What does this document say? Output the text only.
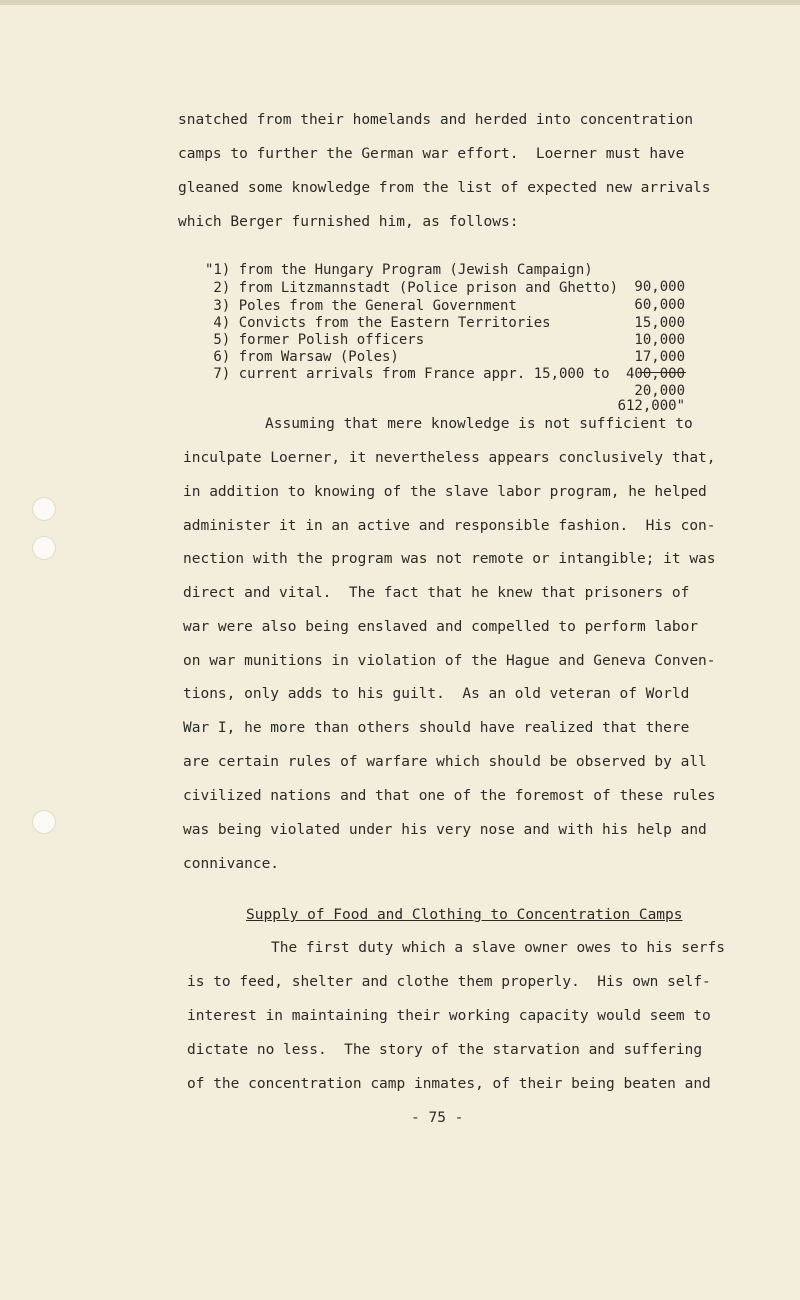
snatched from their homelands and herded into concentration
camps to further the German war effort.  Loerner must have
gleaned some knowledge from the list of expected new arrivals
which Berger furnished him, as follows:

"1) from the Hungary Program (Jewish Campaign)

90,000

2) from Litzmannstadt (Police prison and Ghetto)

60,000

3) Poles from the General Government

15,000

4) Convicts from the Eastern Territories

10,000

5) former Polish officers

17,000

6) from Warsaw (Poles)

400,000

7) current arrivals from France appr. 15,000 to

20,000

612,000"

Assuming that mere knowledge is not sufficient to
inculpate Loerner, it nevertheless appears conclusively that,
in addition to knowing of the slave labor program, he helped
administer it in an active and responsible fashion.  His con-
nection with the program was not remote or intangible; it was
direct and vital.  The fact that he knew that prisoners of
war were also being enslaved and compelled to perform labor
on war munitions in violation of the Hague and Geneva Conven-
tions, only adds to his guilt.  As an old veteran of World
War I, he more than others should have realized that there
are certain rules of warfare which should be observed by all
civilized nations and that one of the foremost of these rules
was being violated under his very nose and with his help and
connivance.
Supply of Food and Clothing to Concentration Camps
The first duty which a slave owner owes to his serfs
is to feed, shelter and clothe them properly.  His own self-
interest in maintaining their working capacity would seem to
dictate no less.  The story of the starvation and suffering
of the concentration camp inmates, of their being beaten and
- 75 -
